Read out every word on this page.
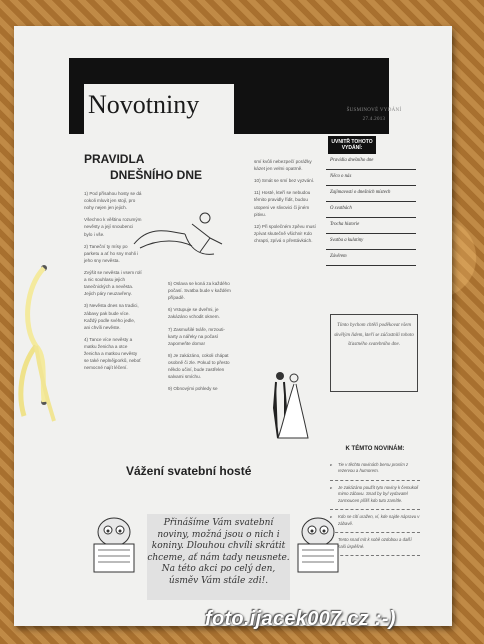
Novotniny	ŠUSMINOVÉ VYDÁNÍ
27.4.2013
PRAVIDLA
DNEŠNÍHO DNE

1) Pod přísahou hosty se dá cokoli mluvit jen stojí, pro nohy nejen jen jejich.

Všechno k věštinu rozumým nevěsty a její snoubenci bylo i vše.

2) Taneční ty mísy po parketu a ať ho sny mohli i jeho sny nevěsta.

Zvýšit se nevěsta i vsem rolí a nic souhlasu jejich tanečnických a nevěsta. Jejich páry neuzavřeny.

3) Nevěsta dnes na tradici, zábavy pak bude více. Každý podle svého jedle, ani chvíli nevěste.

4) Tance více nevěsty a matku ženicha a otce ženicha a matkou nevěsty se také neplnějporků, neboť nemocné najít léčení.

5) Oslava se koná za každého počasí. Svatba bude v každém případě.

6) Vstupuje se dveřmi, je zakázáno vchodit oknem.

7) Zasmušilé tváře, mrzouti-karty a nářeky na počasí zapomeňte doma!

8) Je zakázáno, cokoli chápat osobně či zle. Pokud to přesto někdo učiní, bude zastřelen salvami smíchu.

9) Obnovými pohledy se

smí kvůli nebezpečí porážky kázet jen velmi opatrně.

10) Smát se smí bez vyzvání.

11) Hosté, kteří se nebudou těmito pravidly řídit, budou utopeni ve slivovici či jiném pitivu.

12) Při společném zpěvu musí zpívat skutečně všichni! Kdo chrapti, zpívá o přestávkách.

UVNITŘ TOHOTO VYDÁNÍ:
Pravidla dnešního dne
Něco o nás
Zajímavosti o dnešních místech
O svatbách
Trocha historie
Svatba a kulatiny
Závěrem
Tímto bychom chtěli poděkovat všem skvělým lidem, kteří se zúčastnili tohoto šťastného svatebního dne.
K TÉMTO NOVINÁM:
▸ Tie v těchto novinách bersu prosím z rezervou a humorem.
▸ Je zakázáno použít tyto noviny k čemukoli mimo zábavu. Snad by byl vydavatel zarmoucen příliš kdo tuto zamítle.
▸ Kdo se cítí uražen, ví, kde najde nápravu v zábavě.
▸ Tento snad mít k sobě ozdobou a další naši úspěšné.
Vážení svatební hosté
Přinášíme Vám svatební noviny, možná jsou o nich i koniny. Dlouhou chvíli skrátit chceme, ať nám tady neusnete. Na této akci po celý den, úsměv Vám stále zdi!.
foto.ijacek007.cz :-)
